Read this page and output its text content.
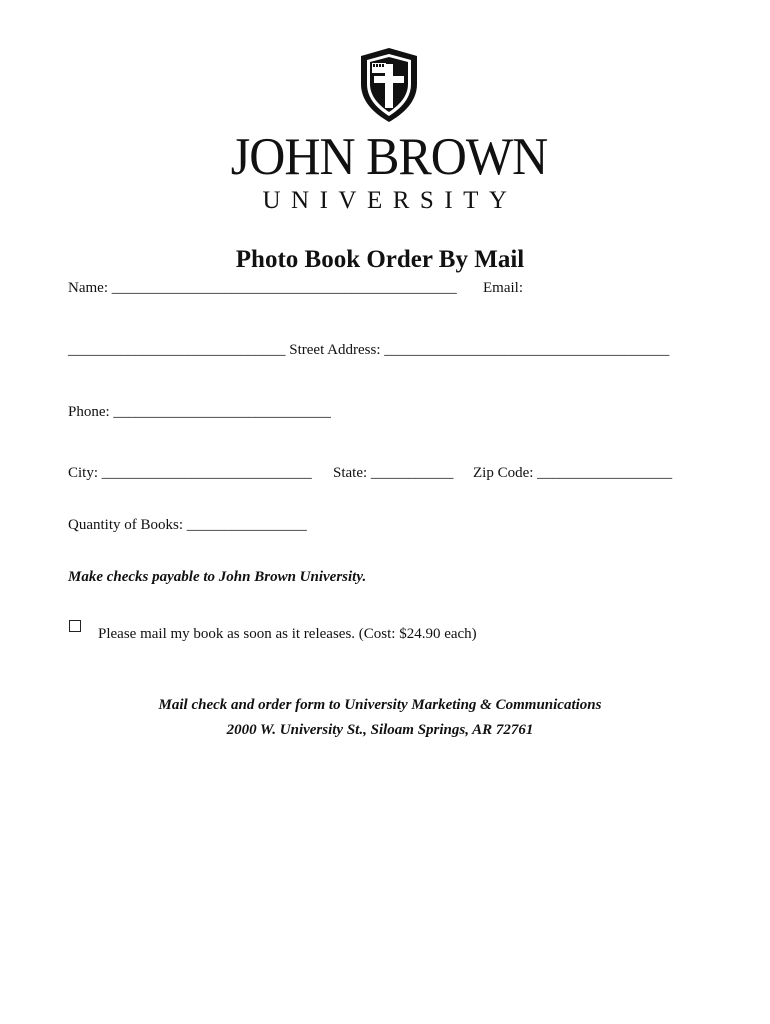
JOHN BROWN
UNIVERSITY
Photo Book Order By Mail
Name: ______________________________________________ Email:
_____________________________ Street Address: ______________________________________
Phone: _____________________________
City: ____________________________ State: ___________ Zip Code: __________________
Quantity of Books: ________________
Make checks payable to John Brown University.
Please mail my book as soon as it releases. (Cost: $24.90 each)
Mail check and order form to University Marketing & Communications
2000 W. University St., Siloam Springs, AR 72761
